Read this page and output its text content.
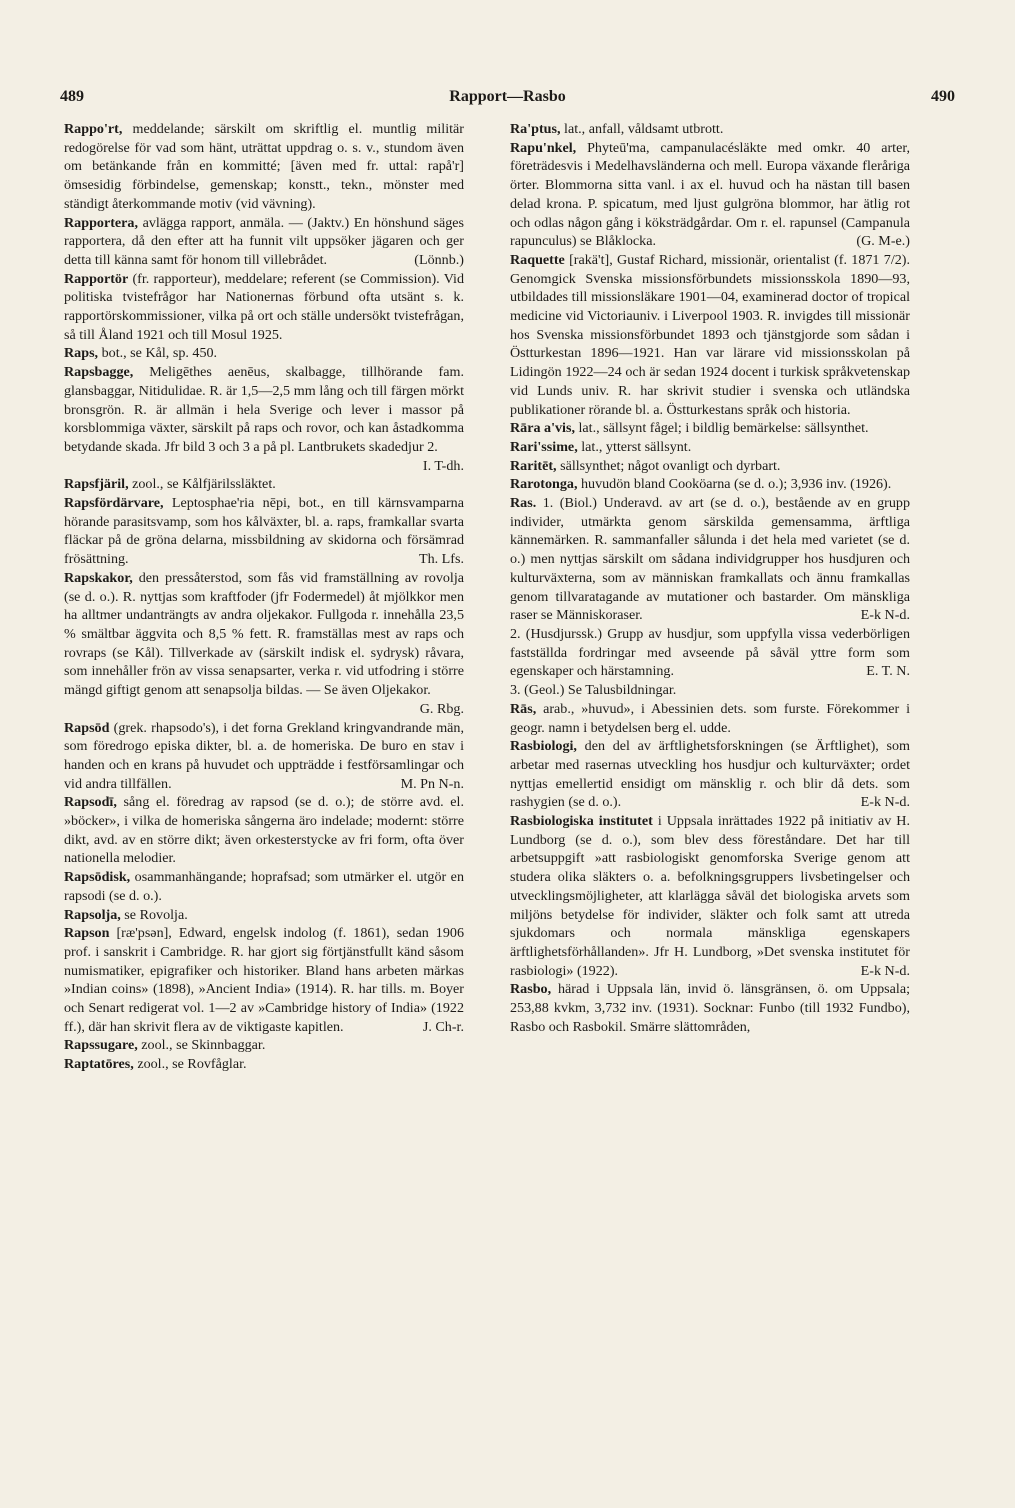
489	Rapport—Rasbo	490

Rappo'rt, meddelande; särskilt om skriftlig el. muntlig militär redogörelse för vad som hänt, uträttat uppdrag o. s. v., stundom även om betänkande från en kommitté; [även med fr. uttal: rapå'r] ömsesidig förbindelse, gemenskap; konstt., tekn., mönster med ständigt återkommande motiv (vid vävning).

Rapportera, avlägga rapport, anmäla. — (Jaktv.) En hönshund säges rapportera, då den efter att ha funnit vilt uppsöker jägaren och ger detta till känna samt för honom till villebrådet.	(Lönnb.)

Rapportör (fr. rapporteur), meddelare; referent (se Commission). Vid politiska tvistefrågor har Nationernas förbund ofta utsänt s. k. rapportörskommissioner, vilka på ort och ställe undersökt tvistefrågan, så till Åland 1921 och till Mosul 1925.

Raps, bot., se Kål, sp. 450.

Rapsbagge, Meligēthes aenēus, skalbagge, tillhörande fam. glansbaggar, Nitidulidae. R. är 1,5—2,5 mm lång och till färgen mörkt bronsgrön. R. är allmän i hela Sverige och lever i massor på korsblommiga växter, särskilt på raps och rovor, och kan åstadkomma betydande skada. Jfr bild 3 och 3 a på pl. Lantbrukets skadedjur 2.
I. T-dh.

Rapsfjäril, zool., se Kålfjärilssläktet.

Rapsfördärvare, Leptosphae'ria nēpi, bot., en till kärnsvamparna hörande parasitsvamp, som hos kålväxter, bl. a. raps, framkallar svarta fläckar på de gröna delarna, missbildning av skidorna och försämrad frösättning.	Th. Lfs.

Rapskakor, den pressåterstod, som fås vid framställning av rovolja (se d. o.). R. nyttjas som kraftfoder (jfr Fodermedel) åt mjölkkor men ha alltmer undanträngts av andra oljekakor. Fullgoda r. innehålla 23,5 % smältbar äggvita och 8,5 % fett. R. framställas mest av raps och rovraps (se Kål). Tillverkade av (särskilt indisk el. sydrysk) råvara, som innehåller frön av vissa senapsarter, verka r. vid utfodring i större mängd giftigt genom att senapsolja bildas. — Se även Oljekakor.
G. Rbg.

Rapsōd (grek. rhapsodo's), i det forna Grekland kringvandrande män, som föredrogo episka dikter, bl. a. de homeriska. De buro en stav i handen och en krans på huvudet och uppträdde i festförsamlingar och vid andra tillfällen.	M. Pn N-n.

Rapsodī, sång el. föredrag av rapsod (se d. o.); de större avd. el. »böcker», i vilka de homeriska sångerna äro indelade; modernt: större dikt, avd. av en större dikt; även orkesterstycke av fri form, ofta över nationella melodier.

Rapsōdisk, osammanhängande; hoprafsad; som utmärker el. utgör en rapsodi (se d. o.).

Rapsolja, se Rovolja.

Rapson [ræ'psən], Edward, engelsk indolog (f. 1861), sedan 1906 prof. i sanskrit i Cambridge. R. har gjort sig förtjänstfullt känd såsom numismatiker, epigrafiker och historiker. Bland hans arbeten märkas »Indian coins» (1898), »Ancient India» (1914). R. har tills. m. Boyer och Senart redigerat vol. 1—2 av »Cambridge history of India» (1922 ff.), där han skrivit flera av de viktigaste kapitlen.	J. Ch-r.

Rapssugare, zool., se Skinnbaggar.

Raptatōres, zool., se Rovfåglar.

Ra'ptus, lat., anfall, våldsamt utbrott.

Rapu'nkel, Phyteū'ma, campanulacésläkte med omkr. 40 arter, företrädesvis i Medelhavsländerna och mell. Europa växande fleråriga örter. Blommorna sitta vanl. i ax el. huvud och ha nästan till basen delad krona. P. spicatum, med ljust gulgröna blommor, har ätlig rot och odlas någon gång i köksträdgårdar. Om r. el. rapunsel (Campanula rapunculus) se Blåklocka.	(G. M-e.)

Raquette [rakä't], Gustaf Richard, missionär, orientalist (f. 1871 7/2). Genomgick Svenska missionsförbundets missionsskola 1890—93, utbildades till missionsläkare 1901—04, examinerad doctor of tropical medicine vid Victoriauniv. i Liverpool 1903. R. invigdes till missionär hos Svenska missionsförbundet 1893 och tjänstgjorde som sådan i Östturkestan 1896—1921. Han var lärare vid missionsskolan på Lidingön 1922—24 och är sedan 1924 docent i turkisk språkvetenskap vid Lunds univ. R. har skrivit studier i svenska och utländska publikationer rörande bl. a. Östturkestans språk och historia.

Rāra a'vis, lat., sällsynt fågel; i bildlig bemärkelse: sällsynthet.

Rari'ssime, lat., ytterst sällsynt.

Raritēt, sällsynthet; något ovanligt och dyrbart.

Rarotonga, huvudön bland Cooköarna (se d. o.); 3,936 inv. (1926).

Ras. 1. (Biol.) Underavd. av art (se d. o.), bestående av en grupp individer, utmärkta genom särskilda gemensamma, ärftliga kännemärken. R. sammanfaller sålunda i det hela med varietet (se d. o.) men nyttjas särskilt om sådana individgrupper hos husdjuren och kulturväxterna, som av människan framkallats och ännu framkallas genom tillvaratagande av mutationer och bastarder. Om mänskliga raser se Människoraser.	E-k N-d.

2. (Husdjurssk.) Grupp av husdjur, som uppfylla vissa vederbörligen fastställda fordringar med avseende på såväl yttre form som egenskaper och härstamning.	E. T. N.

3. (Geol.) Se Talusbildningar.

Rās, arab., »huvud», i Abessinien dets. som furste. Förekommer i geogr. namn i betydelsen berg el. udde.

Rasbiologi, den del av ärftlighetsforskningen (se Ärftlighet), som arbetar med rasernas utveckling hos husdjur och kulturväxter; ordet nyttjas emellertid ensidigt om mänsklig r. och blir då dets. som rashygien (se d. o.).	E-k N-d.

Rasbiologiska institutet i Uppsala inrättades 1922 på initiativ av H. Lundborg (se d. o.), som blev dess föreståndare. Det har till arbetsuppgift »att rasbiologiskt genomforska Sverige genom att studera olika släkters o. a. befolkningsgruppers livsbetingelser och utvecklingsmöjligheter, att klarlägga såväl det biologiska arvets som miljöns betydelse för individer, släkter och folk samt att utreda sjukdomars och normala mänskliga egenskapers ärftlighetsförhållanden». Jfr H. Lundborg, »Det svenska institutet för rasbiologi» (1922).	E-k N-d.

Rasbo, härad i Uppsala län, invid ö. länsgränsen, ö. om Uppsala; 253,88 kvkm, 3,732 inv. (1931). Socknar: Funbo (till 1932 Fundbo), Rasbo och Rasbokil. Smärre slättområden,
